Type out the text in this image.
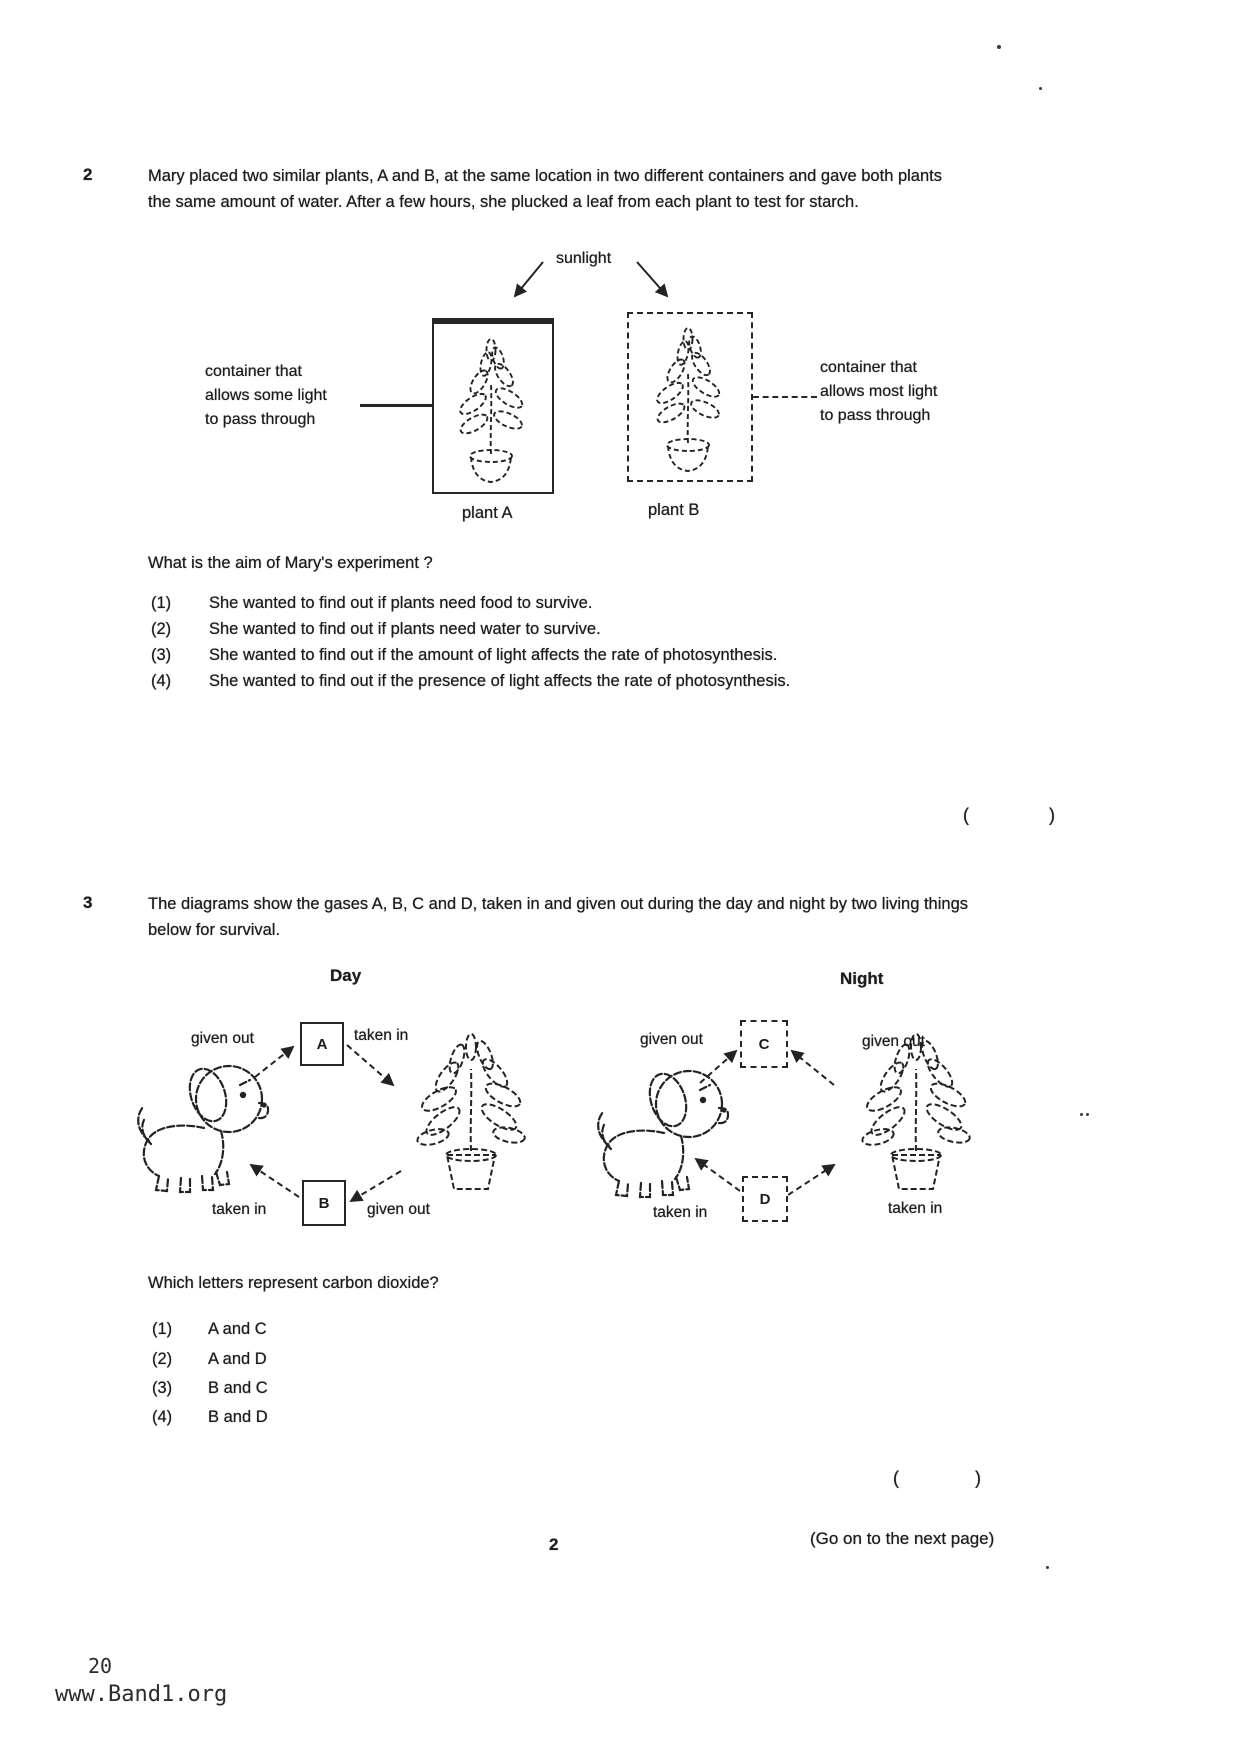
2	Mary placed two similar plants, A and B, at the same location in two different containers and gave both plants the same amount of water. After a few hours, she plucked a leaf from each plant to test for starch.
sunlight
container that
allows some light
to pass through
container that
allows most light
to pass through
plant A	plant B
What is the aim of Mary's experiment ?
(1) She wanted to find out if plants need food to survive.
(2) She wanted to find out if plants need water to survive.
(3) She wanted to find out if the amount of light affects the rate of photosynthesis.
(4) She wanted to find out if the presence of light affects the rate of photosynthesis.
(	)
3	The diagrams show the gases A, B, C and D, taken in and given out during the day and night by two living things below for survival.
Day	Night
A
B
given out	taken in
taken in	given out
C
D
given out	given out
taken in	taken in
Which letters represent carbon dioxide?
(1) A and C
(2) A and D
(3) B and C
(4) B and D
(	)
2	(Go on to the next page)
20
www.Band1.org
